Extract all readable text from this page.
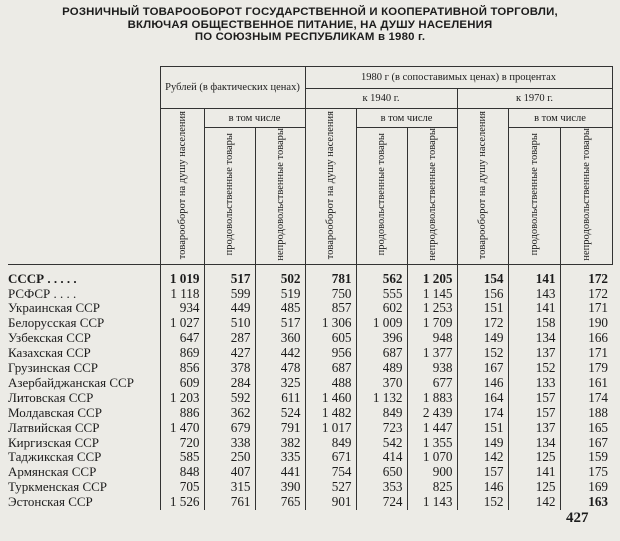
РОЗНИЧНЫЙ ТОВАРООБОРОТ ГОСУДАРСТВЕННОЙ И КООПЕРАТИВНОЙ ТОРГОВЛИ,
ВКЛЮЧАЯ ОБЩЕСТВЕННОЕ ПИТАНИЕ, НА ДУШУ НАСЕЛЕНИЯ
ПО СОЮЗНЫМ РЕСПУБЛИКАМ в 1980 г.
	Рублей (в фактических ценах)			1980 г (в сопоставимых ценах) в процентах					
				к 1940 г.			к 1970 г.		
	товарооборот на душу населения	в том числе		товарооборот на душу населения	в том числе		товарооборот на душу населения	в том числе	
		продовольственные товары	непродовольственные товары		продовольственные товары	непродовольственные товары		продовольственные товары	непродовольственные товары
СССР . . . . .	1 019	517	502	781	562	1 205	154	141	172
РСФСР . . . .	1 118	599	519	750	555	1 145	156	143	172
Украинская ССР	934	449	485	857	602	1 253	151	141	171
Белорусская ССР	1 027	510	517	1 306	1 009	1 709	172	158	190
Узбекская ССР	647	287	360	605	396	948	149	134	166
Казахская ССР	869	427	442	956	687	1 377	152	137	171
Грузинская ССР	856	378	478	687	489	938	167	152	179
Азербайджанская ССР	609	284	325	488	370	677	146	133	161
Литовская ССР	1 203	592	611	1 460	1 132	1 883	164	157	174
Молдавская ССР	886	362	524	1 482	849	2 439	174	157	188
Латвийская ССР	1 470	679	791	1 017	723	1 447	151	137	165
Киргизская ССР	720	338	382	849	542	1 355	149	134	167
Таджикская ССР	585	250	335	671	414	1 070	142	125	159
Армянская ССР	848	407	441	754	650	900	157	141	175
Туркменская ССР	705	315	390	527	353	825	146	125	169
Эстонская ССР	1 526	761	765	901	724	1 143	152	142	163
427
